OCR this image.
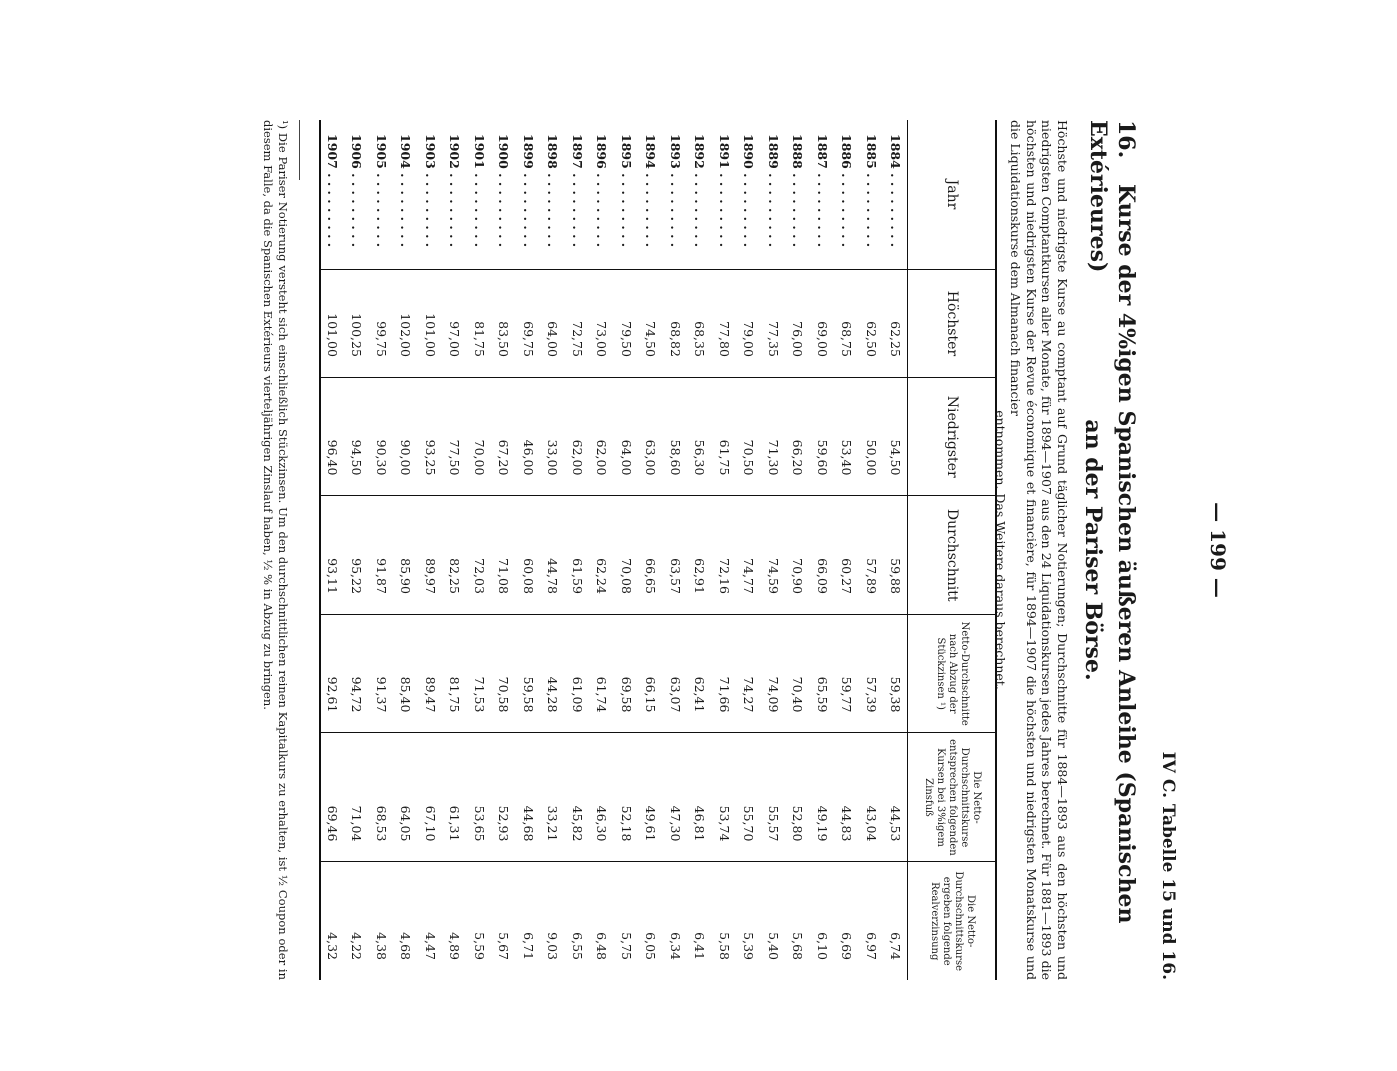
— 199 —
IV C. Tabelle 15 und 16.
16. Kurse der 4%igen Spanischen äußeren Anleihe (Spanischen Extérieures)
an der Pariser Börse.
Höchste und niedrigste Kurse au comptant auf Grund täglicher Notierungen; Durchschnitte für 1884—1893 aus den höchsten und niedrigsten Comptantkursen aller Monate, für 1894—1907 aus den 24 Liquidationskursen jedes Jahres berechnet. Für 1881—1893 die höchsten und niedrigsten Kurse der Revue économique et financière, für 1894—1907 die höchsten und niedrigsten Monatskurse und die Liquidationskurse dem Almanach financier
entnommen. Das Weitere daraus berechnet.
Jahr	Höchster	Niedrigster	Durchschnitt	Netto-Durchschnitte nach Abzug der Stückzinsen ¹)	Die Netto-Durchschnittskurse entsprechen folgenden Kursen bei 3%igem Zinsfuß	Die Netto-Durchschnittskurse ergeben folgende Realverzinsung
1884 . . . . . . . . .	62,25	54,50	59,88	59,38	44,53	6,74
1885 . . . . . . . . .	62,50	50,00	57,89	57,39	43,04	6,97
1886 . . . . . . . . .	68,75	53,40	60,27	59,77	44,83	6,69
1887 . . . . . . . . .	69,00	59,60	66,09	65,59	49,19	6,10
1888 . . . . . . . . .	76,00	66,20	70,90	70,40	52,80	5,68
1889 . . . . . . . . .	77,35	71,30	74,59	74,09	55,57	5,40
1890 . . . . . . . . .	79,00	70,50	74,77	74,27	55,70	5,39
1891 . . . . . . . . .	77,80	61,75	72,16	71,66	53,74	5,58
1892 . . . . . . . . .	68,35	56,30	62,91	62,41	46,81	6,41
1893 . . . . . . . . .	68,82	58,60	63,57	63,07	47,30	6,34
1894 . . . . . . . . .	74,50	63,00	66,65	66,15	49,61	6,05
1895 . . . . . . . . .	79,50	64,00	70,08	69,58	52,18	5,75
1896 . . . . . . . . .	73,00	62,00	62,24	61,74	46,30	6,48
1897 . . . . . . . . .	72,75	62,00	61,59	61,09	45,82	6,55
1898 . . . . . . . . .	64,00	33,00	44,78	44,28	33,21	9,03
1899 . . . . . . . . .	69,75	46,00	60,08	59,58	44,68	6,71
1900 . . . . . . . . .	83,50	67,20	71,08	70,58	52,93	5,67
1901 . . . . . . . . .	81,75	70,00	72,03	71,53	53,65	5,59
1902 . . . . . . . . .	97,00	77,50	82,25	81,75	61,31	4,89
1903 . . . . . . . . .	101,00	93,25	89,97	89,47	67,10	4,47
1904 . . . . . . . . .	102,00	90,00	85,90	85,40	64,05	4,68
1905 . . . . . . . . .	99,75	90,30	91,87	91,37	68,53	4,38
1906 . . . . . . . . .	100,25	94,50	95,22	94,72	71,04	4,22
1907 . . . . . . . . .	101,00	96,40	93,11	92,61	69,46	4,32
¹) Die Pariser Notierung versteht sich einschließlich Stückzinsen. Um den durchschnittlichen reinen Kapitalkurs zu erhalten, ist ½ Coupon oder in diesem Falle, da die Spanischen Extérieurs vierteljährigen Zinslauf haben, ½ % in Abzug zu bringen.
